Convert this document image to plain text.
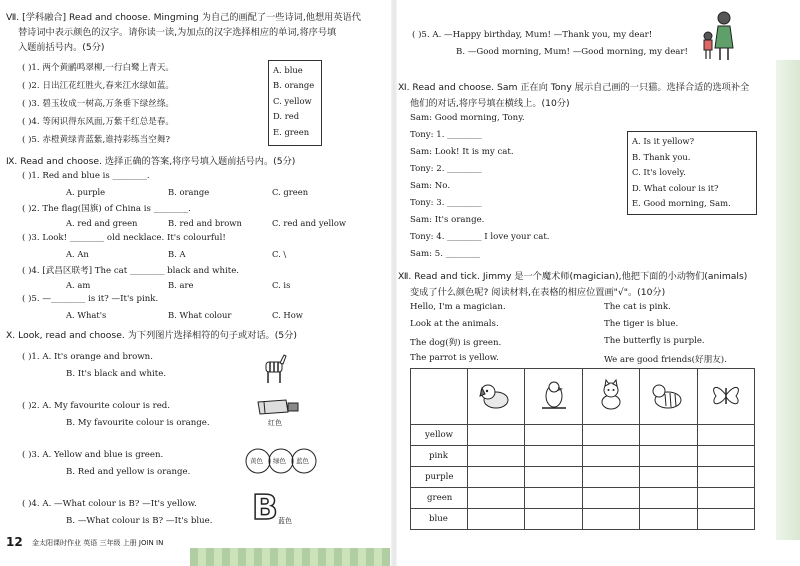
Ⅶ. [学科融合] Read and choose. Mingming 为自己的画配了一些诗词,他想用英语代
替诗词中表示颜色的汉字。请你读一读,为加点的汉字选择相应的单词,将序号填
入题前括号内。(5分)
( )1. 两个黄鹂鸣翠柳,一行白鹭上青天。
( )2. 日出江花红胜火,春来江水绿如蓝。
( )3. 碧玉妆成一树高,万条垂下绿丝绦。
( )4. 等闲识得东风面,万紫千红总是春。
( )5. 赤橙黄绿青蓝紫,谁持彩练当空舞?
A. blue
B. orange
C. yellow
D. red
E. green
Ⅸ. Read and choose. 选择正确的答案,将序号填入题前括号内。(5分)
( )1. Red and blue is ________.
A. purple	B. orange	C. green
( )2. The flag(国旗) of China is ________.
A. red and green	B. red and brown	C. red and yellow
( )3. Look! ________ old necklace. It's colourful!
A. An	B. A	C. \
( )4. [武昌区联考] The cat ________ black and white.
A. am	B. are	C. is
( )5. —________ is it? —It's pink.
A. What's	B. What colour	C. How
Ⅹ. Look, read and choose. 为下列图片选择相符的句子或对话。(5分)
( )1. A. It's orange and brown.
B. It's black and white.
( )2. A. My favourite colour is red.
B. My favourite colour is orange.	红色
( )3. A. Yellow and blue is green.
B. Red and yellow is orange.
黄色 绿色 蓝色
( )4. A. —What colour is B? —It's yellow.
B. —What colour is B? —It's blue. B 蓝色
12 金太阳课时作业 英语 三年级 上册 JOIN IN
( )5. A. —Happy birthday, Mum! —Thank you, my dear!
B. —Good morning, Mum! —Good morning, my dear!
Ⅺ. Read and choose. Sam 正在向 Tony 展示自己画的一只猫。选择合适的选项补全
他们的对话,将序号填在横线上。(10分)
Sam: Good morning, Tony.
Tony: 1. ________
Sam: Look! It is my cat.
Tony: 2. ________
Sam: No.
Tony: 3. ________
Sam: It's orange.
Tony: 4. ________ I love your cat.
Sam: 5. ________
A. Is it yellow?
B. Thank you.
C. It's lovely.
D. What colour is it?
E. Good morning, Sam.
Ⅻ. Read and tick. Jimmy 是一个魔术师(magician),他把下面的小动物们(animals)
变成了什么颜色呢? 阅读材料,在表格的相应位置画"√"。(10分)
Hello, I'm a magician.
Look at the animals.
The dog(狗) is green.
The parrot is yellow.
The cat is pink.
The tiger is blue.
The butterfly is purple.
We are good friends(好朋友).

yellow					
pink					
purple					
green					
blue					
